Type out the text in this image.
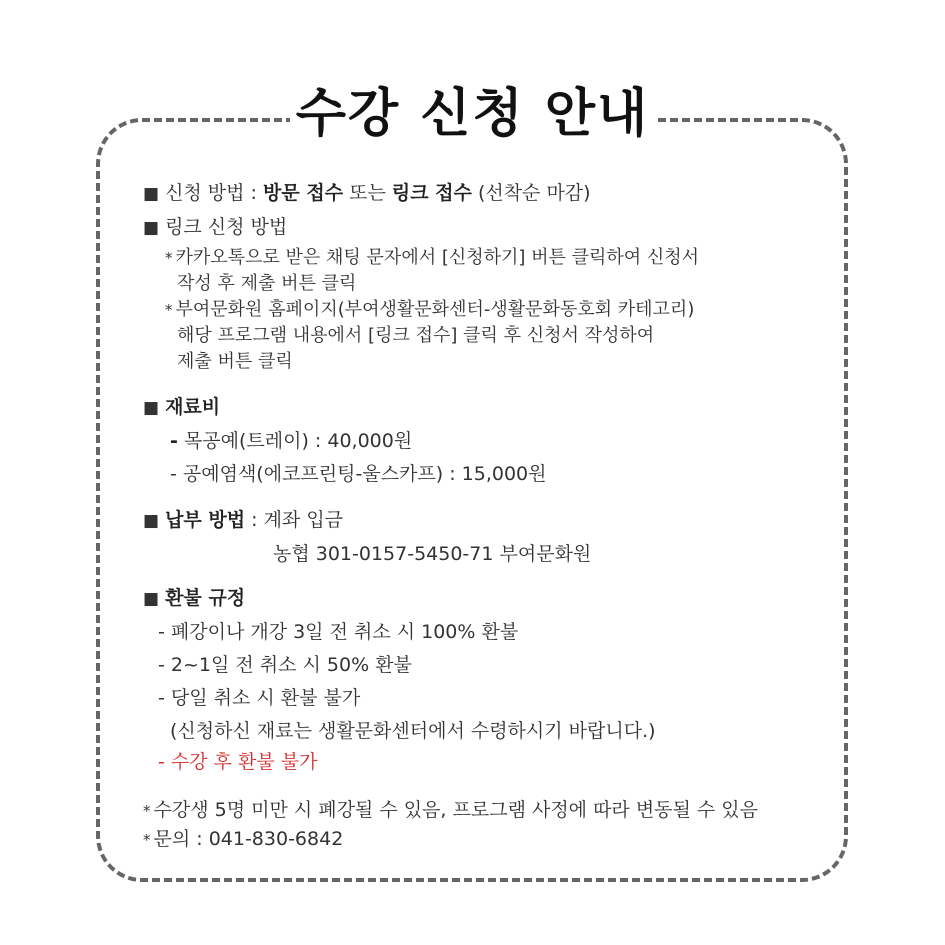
수강 신청 안내
■ 신청 방법 : 방문 접수 또는 링크 접수 (선착순 마감)
■ 링크 신청 방법
* 카카오톡으로 받은 채팅 문자에서 [신청하기] 버튼 클릭하여 신청서
작성 후 제출 버튼 클릭
* 부여문화원 홈페이지(부여생활문화센터-생활문화동호회 카테고리)
해당 프로그램 내용에서 [링크 접수] 클릭 후 신청서 작성하여
제출 버튼 클릭
■ 재료비
- 목공예(트레이) : 40,000원
- 공예염색(에코프린팅-울스카프) : 15,000원
■ 납부 방법 : 계좌 입금
농협 301-0157-5450-71 부여문화원
■ 환불 규정
- 폐강이나 개강 3일 전 취소 시 100% 환불
- 2~1일 전 취소 시 50% 환불
- 당일 취소 시 환불 불가
(신청하신 재료는 생활문화센터에서 수령하시기 바랍니다.)
- 수강 후 환불 불가
* 수강생 5명 미만 시 폐강될 수 있음, 프로그램 사정에 따라 변동될 수 있음
* 문의 : 041-830-6842
